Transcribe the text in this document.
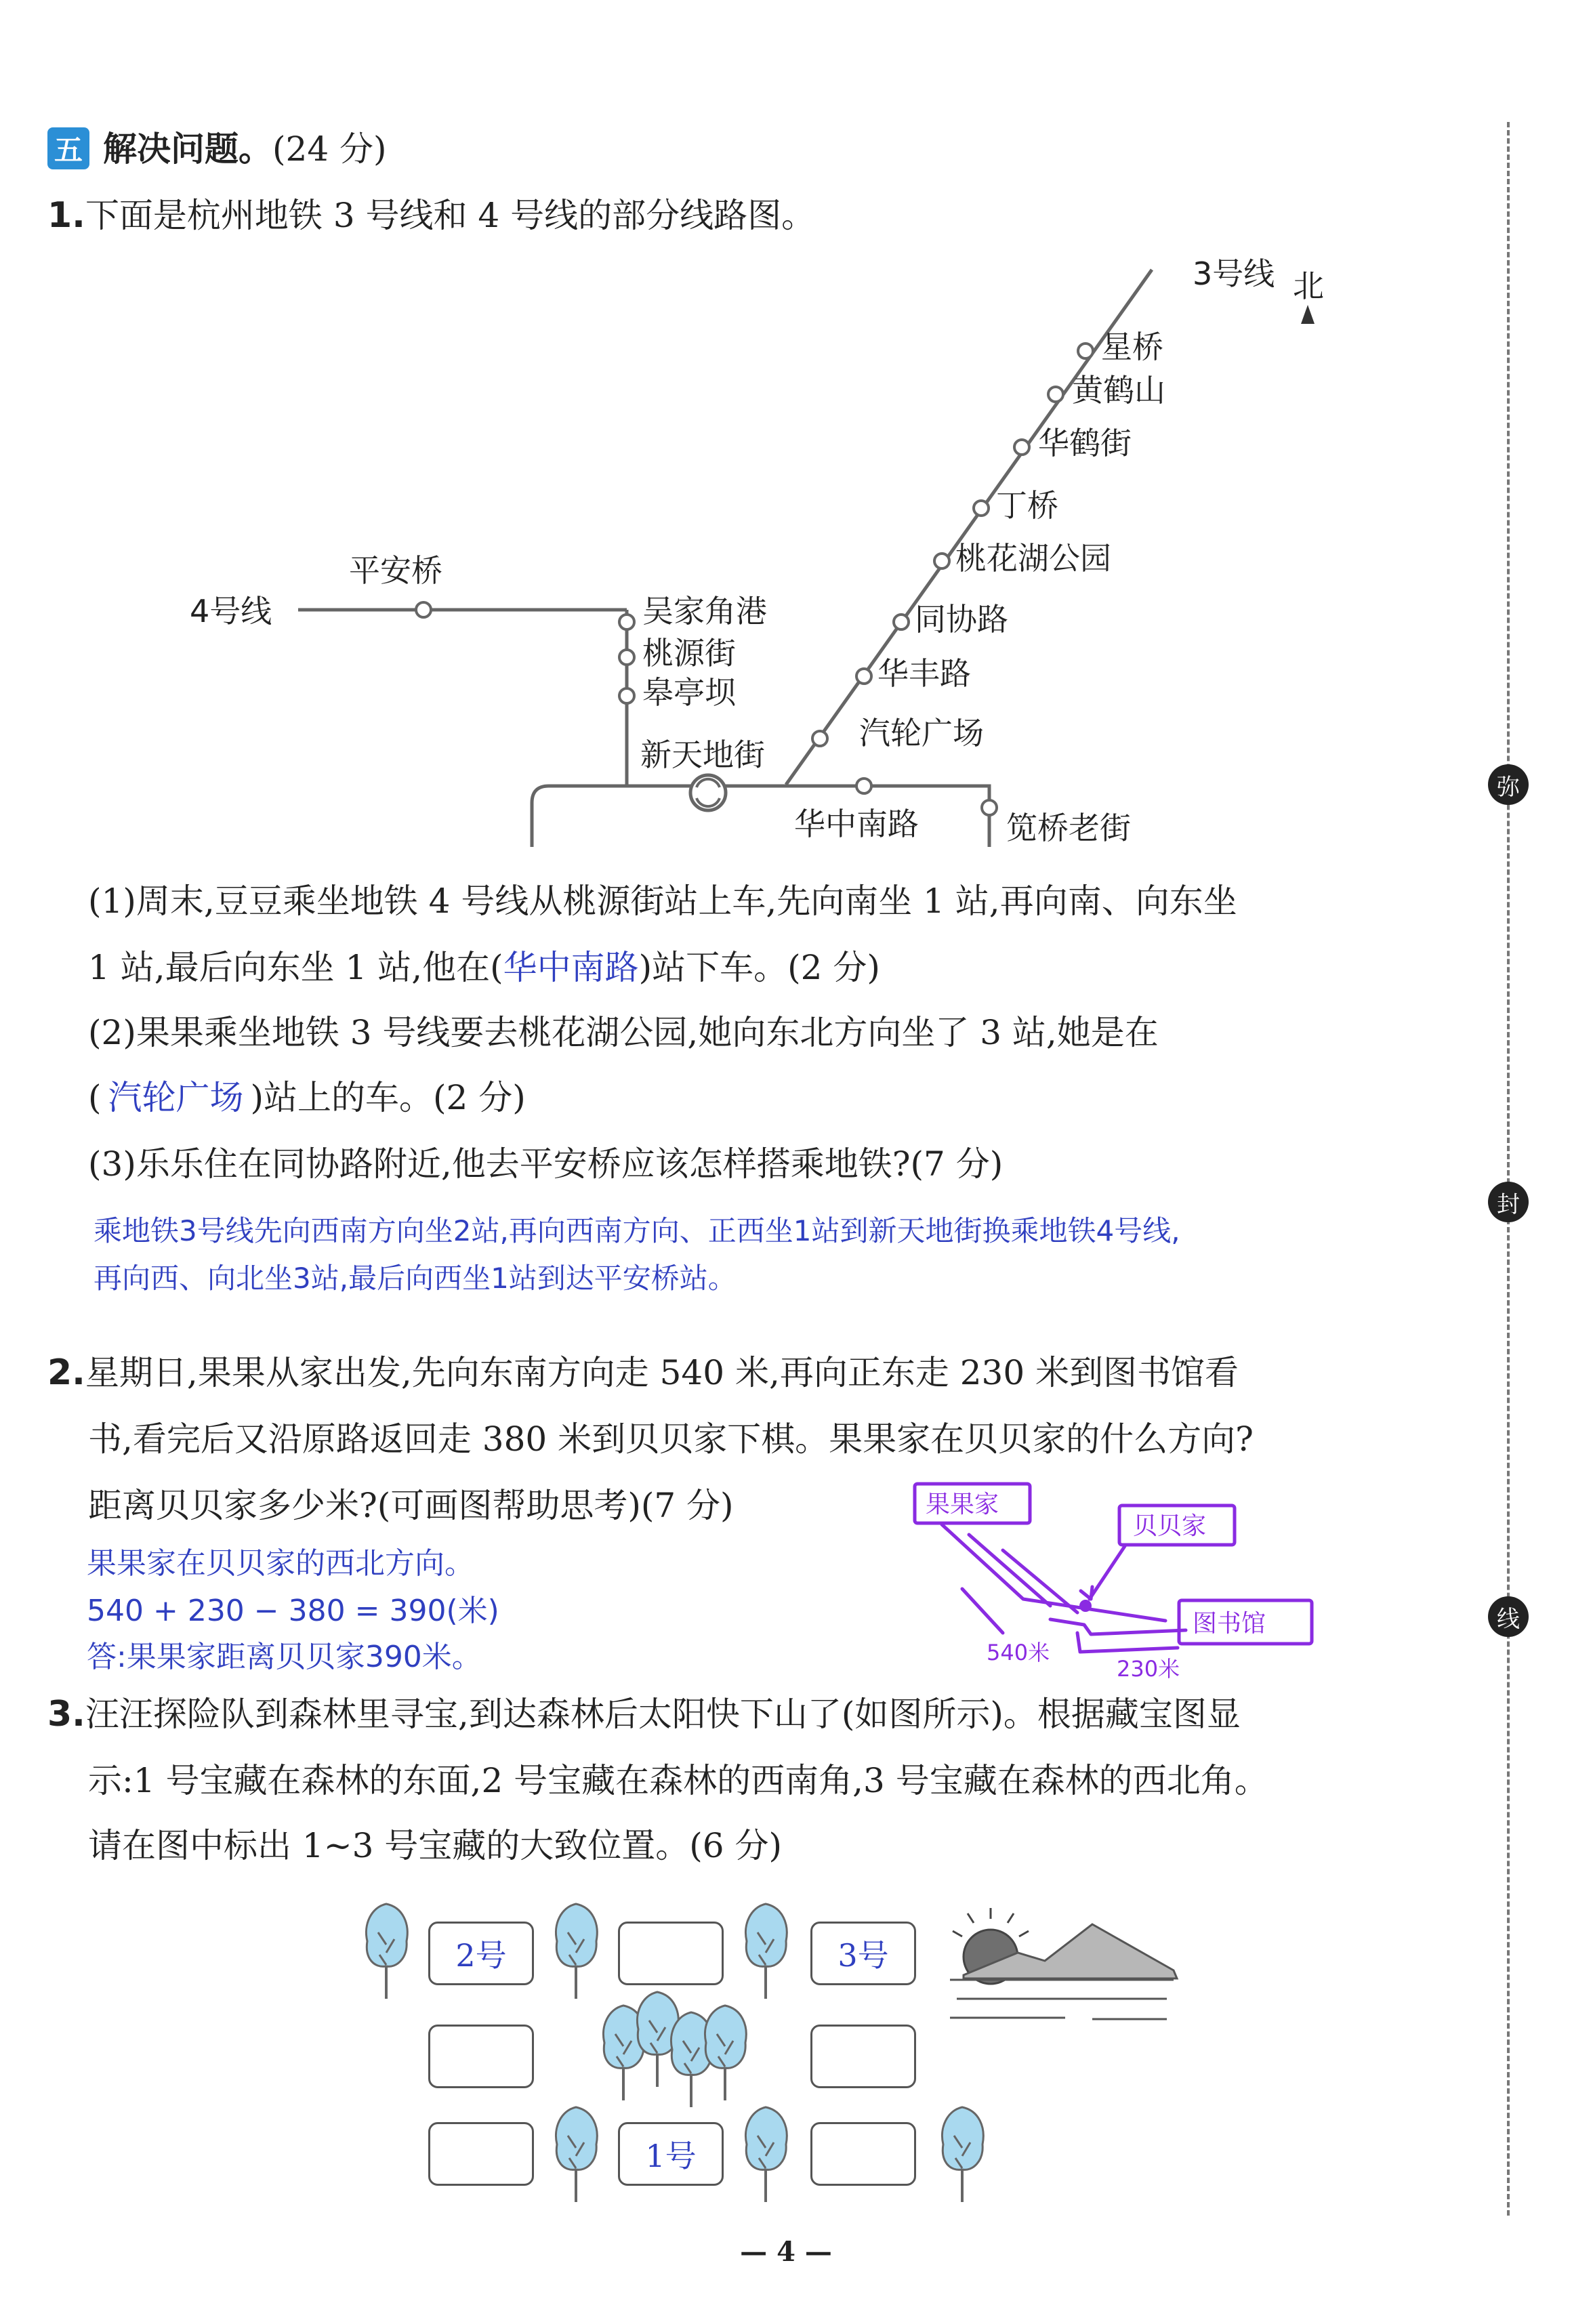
弥
封
线
五 解决问题。(24 分)
1.下面是杭州地铁 3 号线和 4 号线的部分线路图。
北
3号线
4号线
星桥
黄鹤山
华鹤街
丁桥
桃花湖公园
同协路
华丰路
汽轮广场
平安桥
吴家角港
桃源街
皋亭坝
新天地街
华中南路	笕桥老街
(1)周末,豆豆乘坐地铁 4 号线从桃源街站上车,先向南坐 1 站,再向南、向东坐
1 站,最后向东坐 1 站,他在(华中南路)站下车。(2 分)
(2)果果乘坐地铁 3 号线要去桃花湖公园,她向东北方向坐了 3 站,她是在
( 汽轮广场 )站上的车。(2 分)
(3)乐乐住在同协路附近,他去平安桥应该怎样搭乘地铁?(7 分)
乘地铁3号线先向西南方向坐2站,再向西南方向、正西坐1站到新天地街换乘地铁4号线,
再向西、向北坐3站,最后向西坐1站到达平安桥站。
2.星期日,果果从家出发,先向东南方向走 540 米,再向正东走 230 米到图书馆看
书,看完后又沿原路返回走 380 米到贝贝家下棋。果果家在贝贝家的什么方向?
距离贝贝家多少米?(可画图帮助思考)(7 分)
果果家在贝贝家的西北方向。
540 + 230 − 380 = 390(米)
答:果果家距离贝贝家390米。
果果家
贝贝家
图书馆
540米
230米
3.汪汪探险队到森林里寻宝,到达森林后太阳快下山了(如图所示)。根据藏宝图显
示:1 号宝藏在森林的东面,2 号宝藏在森林的西南角,3 号宝藏在森林的西北角。
请在图中标出 1~3 号宝藏的大致位置。(6 分)
2号	3号
1号
— 4 —
